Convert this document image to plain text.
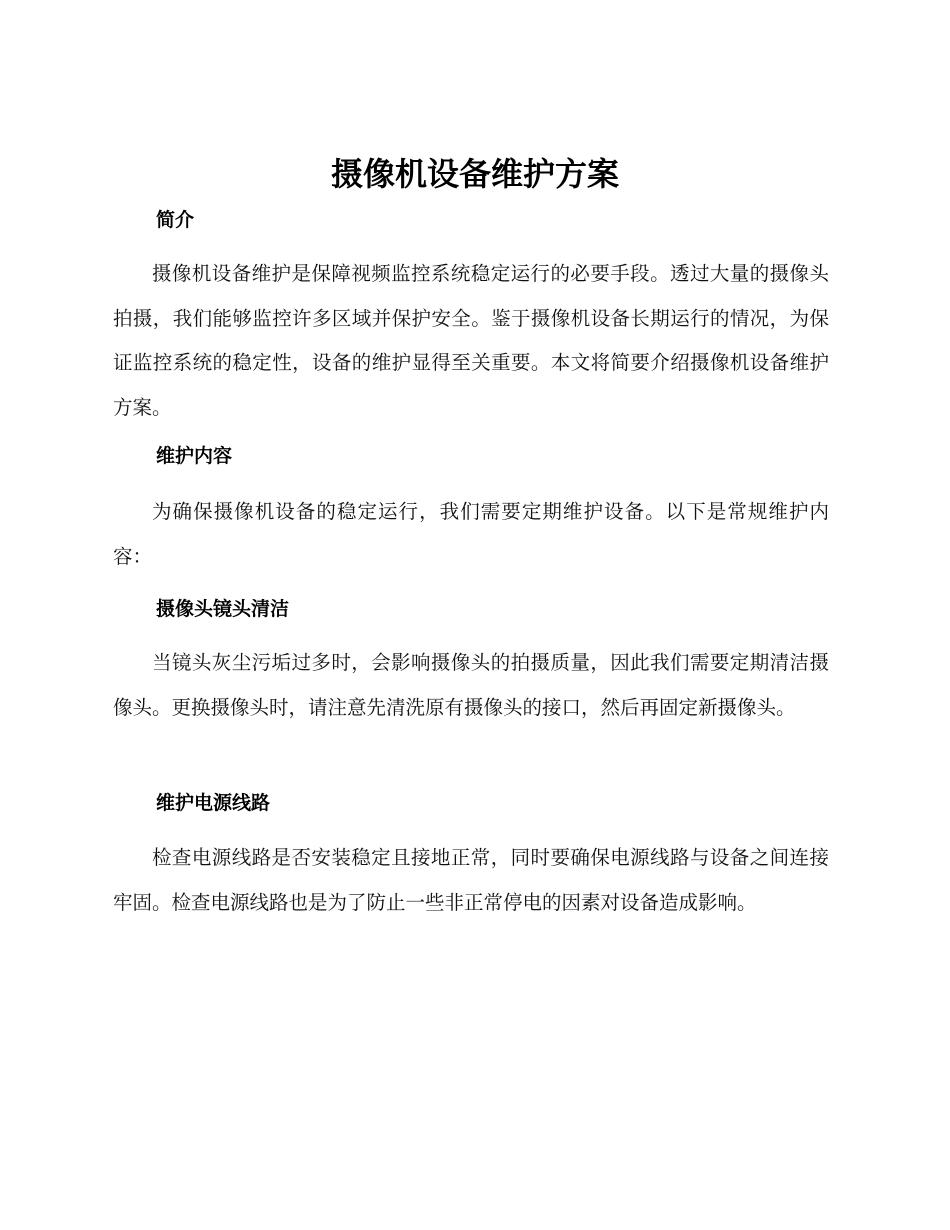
摄像机设备维护方案
简介

摄像机设备维护是保障视频监控系统稳定运行的必要手段。透过大量的摄像头拍摄，我们能够监控许多区域并保护安全。鉴于摄像机设备长期运行的情况，为保证监控系统的稳定性，设备的维护显得至关重要。本文将简要介绍摄像机设备维护方案。

维护内容

为确保摄像机设备的稳定运行，我们需要定期维护设备。以下是常规维护内容：

摄像头镜头清洁

当镜头灰尘污垢过多时，会影响摄像头的拍摄质量，因此我们需要定期清洁摄像头。更换摄像头时，请注意先清洗原有摄像头的接口，然后再固定新摄像头。

维护电源线路

检查电源线路是否安装稳定且接地正常，同时要确保电源线路与设备之间连接牢固。检查电源线路也是为了防止一些非正常停电的因素对设备造成影响。
